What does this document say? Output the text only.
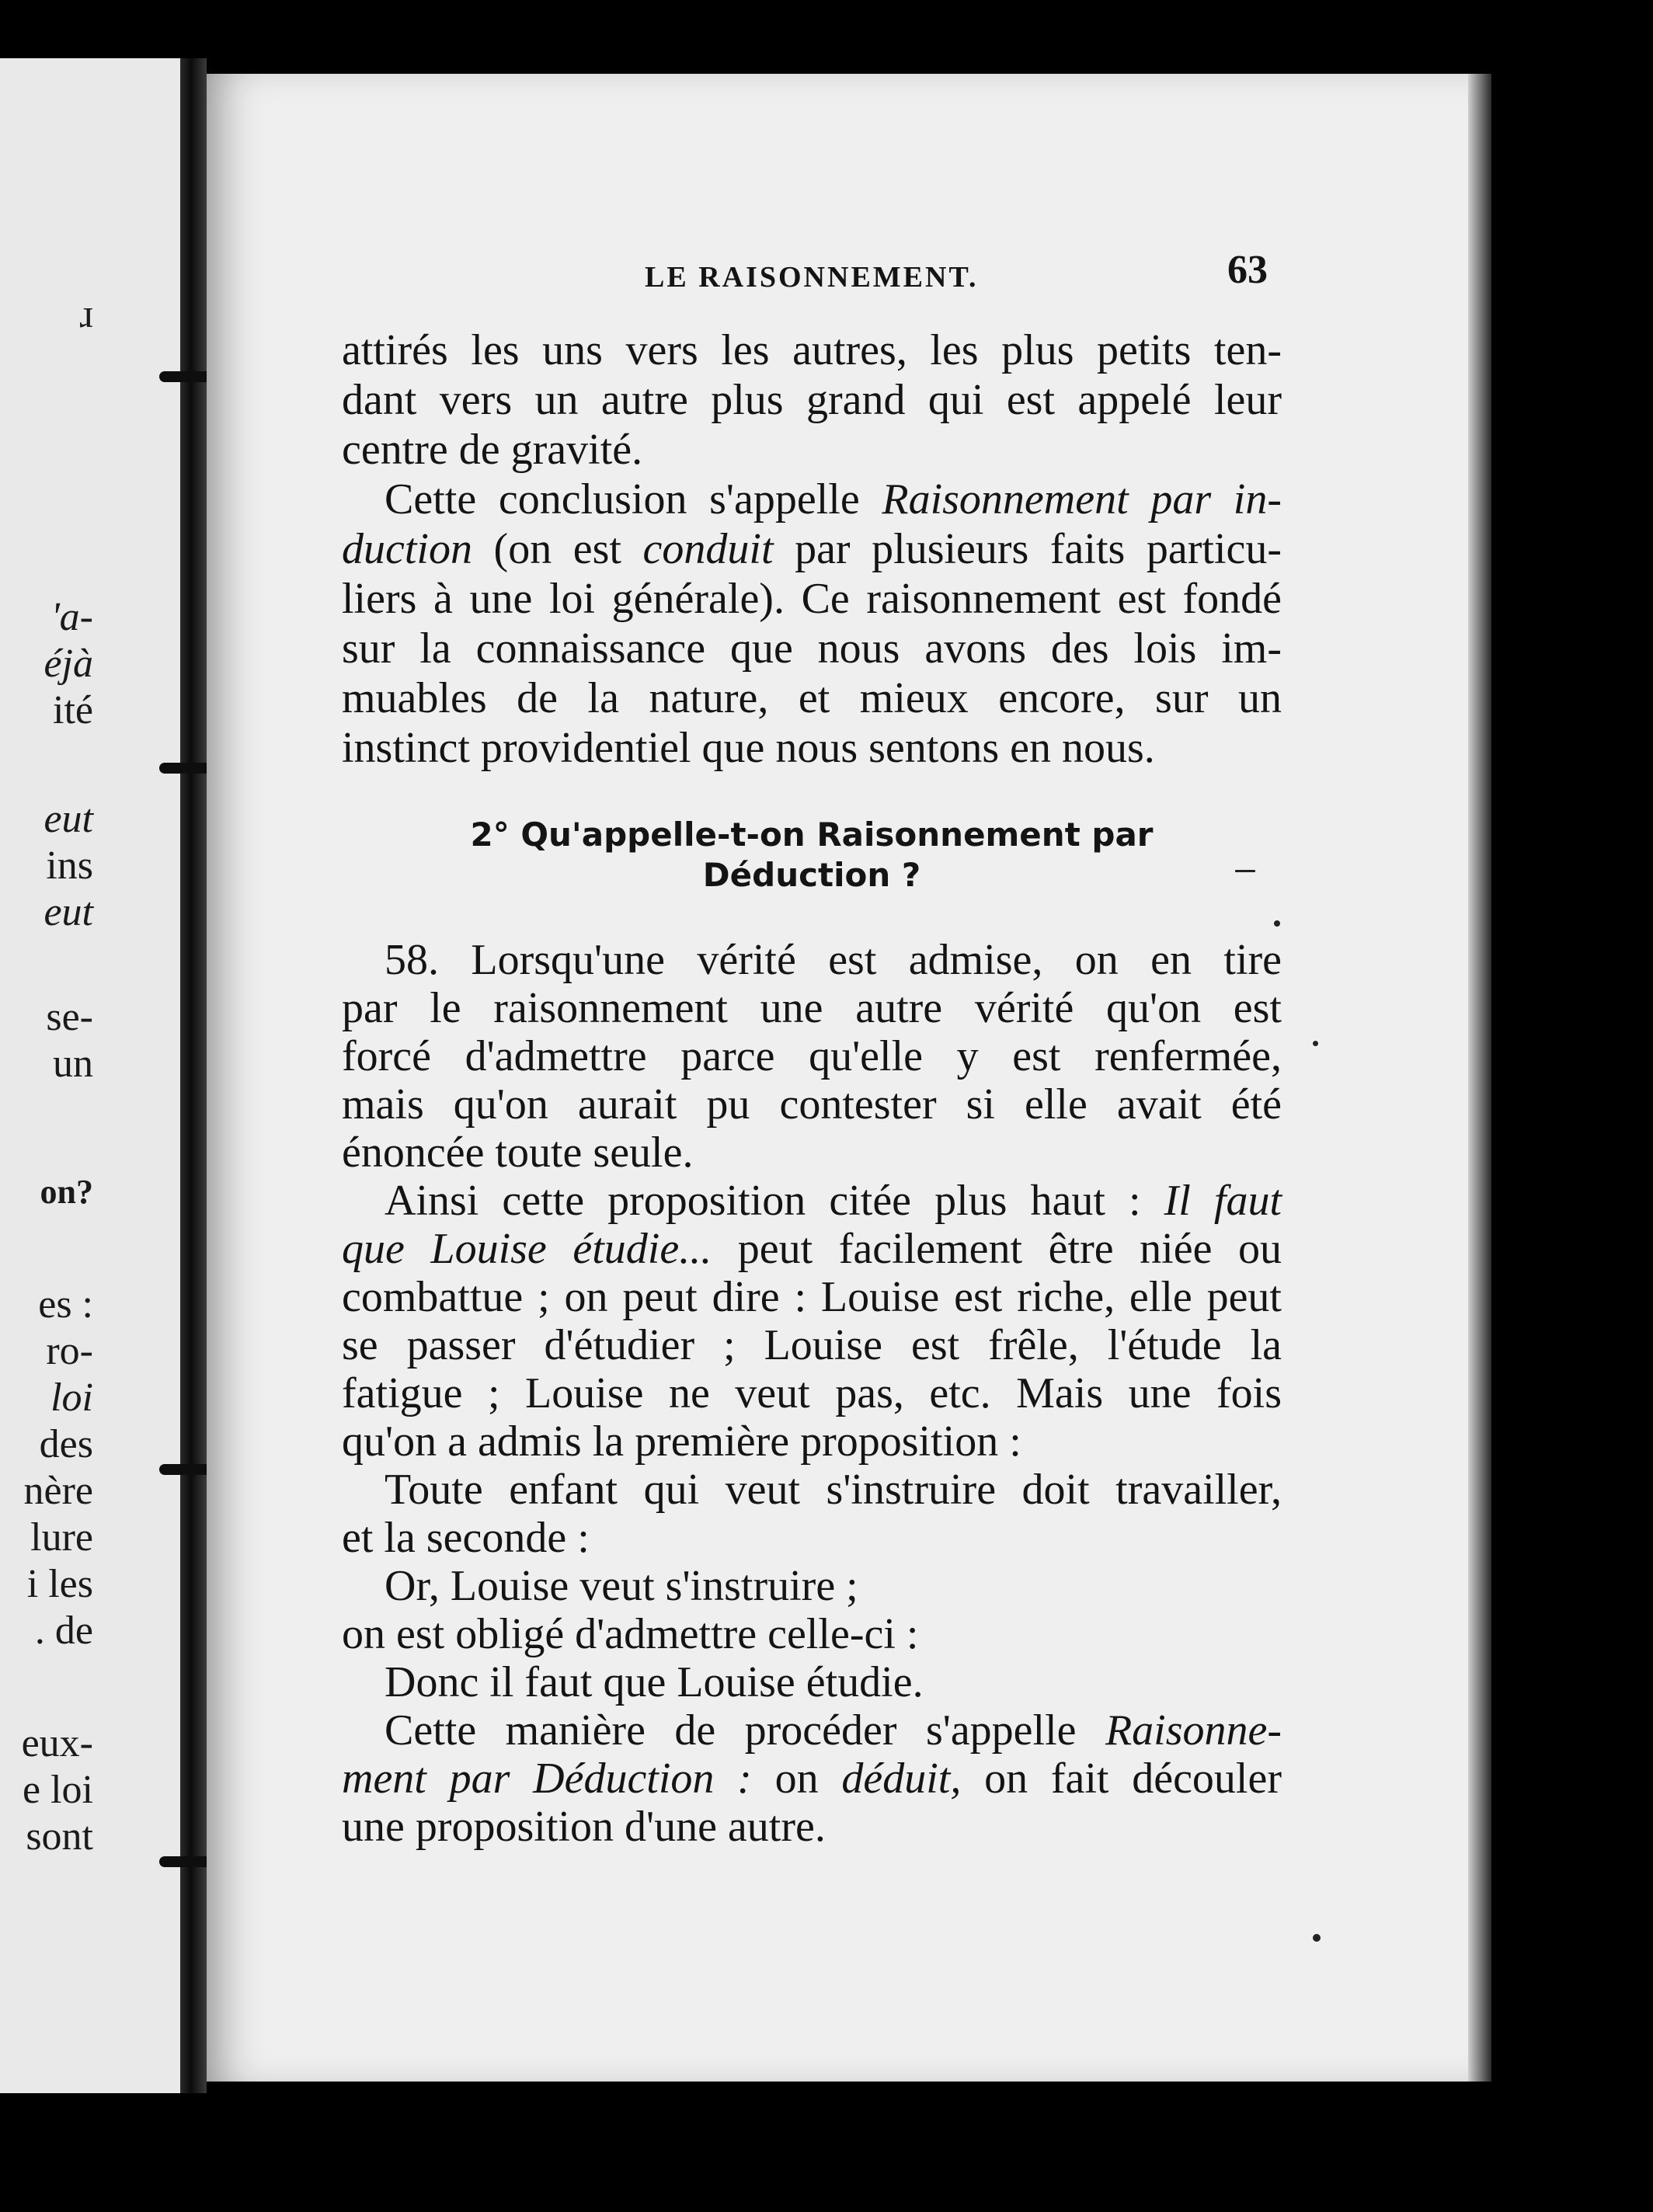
ɹ
'a-
éjà
ité
eut
ins
eut
se-
un
on?
es :
ro-
loi
des
nère
lure
i les
. de
eux-
e loi
sont
LE RAISONNEMENT.	63
attirés les uns vers les autres, les plus petits ten-
dant vers un autre plus grand qui est appelé leur
centre de gravité.
Cette conclusion s'appelle Raisonnement par in-
duction (on est conduit par plusieurs faits particu-
liers à une loi générale). Ce raisonnement est fondé
sur la connaissance que nous avons des lois im-
muables de la nature, et mieux encore, sur un
instinct providentiel que nous sentons en nous.
2° Qu'appelle-t-on Raisonnement par
Déduction ?
58. Lorsqu'une vérité est admise, on en tire
par le raisonnement une autre vérité qu'on est
forcé d'admettre parce qu'elle y est renfermée,
mais qu'on aurait pu contester si elle avait été
énoncée toute seule.
Ainsi cette proposition citée plus haut : Il faut
que Louise étudie... peut facilement être niée ou
combattue ; on peut dire : Louise est riche, elle peut
se passer d'étudier ; Louise est frêle, l'étude la
fatigue ; Louise ne veut pas, etc. Mais une fois
qu'on a admis la première proposition :
Toute enfant qui veut s'instruire doit travailler,
et la seconde :
Or, Louise veut s'instruire ;
on est obligé d'admettre celle-ci :
Donc il faut que Louise étudie.
Cette manière de procéder s'appelle Raisonne-
ment par Déduction : on déduit, on fait découler
une proposition d'une autre.
